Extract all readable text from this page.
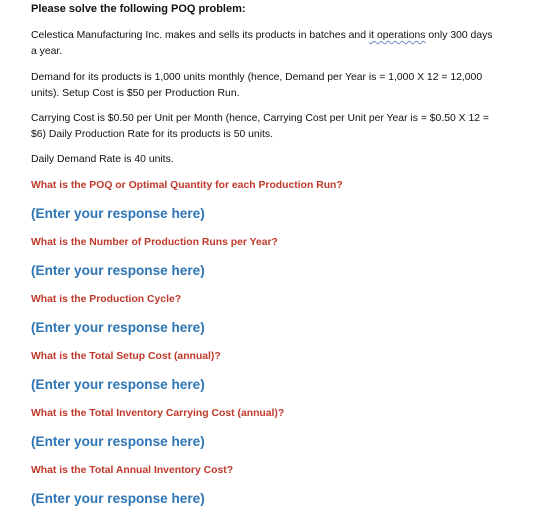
Please solve the following POQ problem:

Celestica Manufacturing Inc. makes and sells its products in batches and it operations only 300 days a year.

Demand for its products is 1,000 units monthly (hence, Demand per Year is = 1,000 X 12 = 12,000 units). Setup Cost is $50 per Production Run.

Carrying Cost is $0.50 per Unit per Month (hence, Carrying Cost per Unit per Year is = $0.50 X 12 = $6) Daily Production Rate for its products is 50 units.

Daily Demand Rate is 40 units.

What is the POQ or Optimal Quantity for each Production Run?

(Enter your response here)

What is the Number of Production Runs per Year?

(Enter your response here)

What is the Production Cycle?

(Enter your response here)

What is the Total Setup Cost (annual)?

(Enter your response here)

What is the Total Inventory Carrying Cost (annual)?

(Enter your response here)

What is the Total Annual Inventory Cost?

(Enter your response here)
